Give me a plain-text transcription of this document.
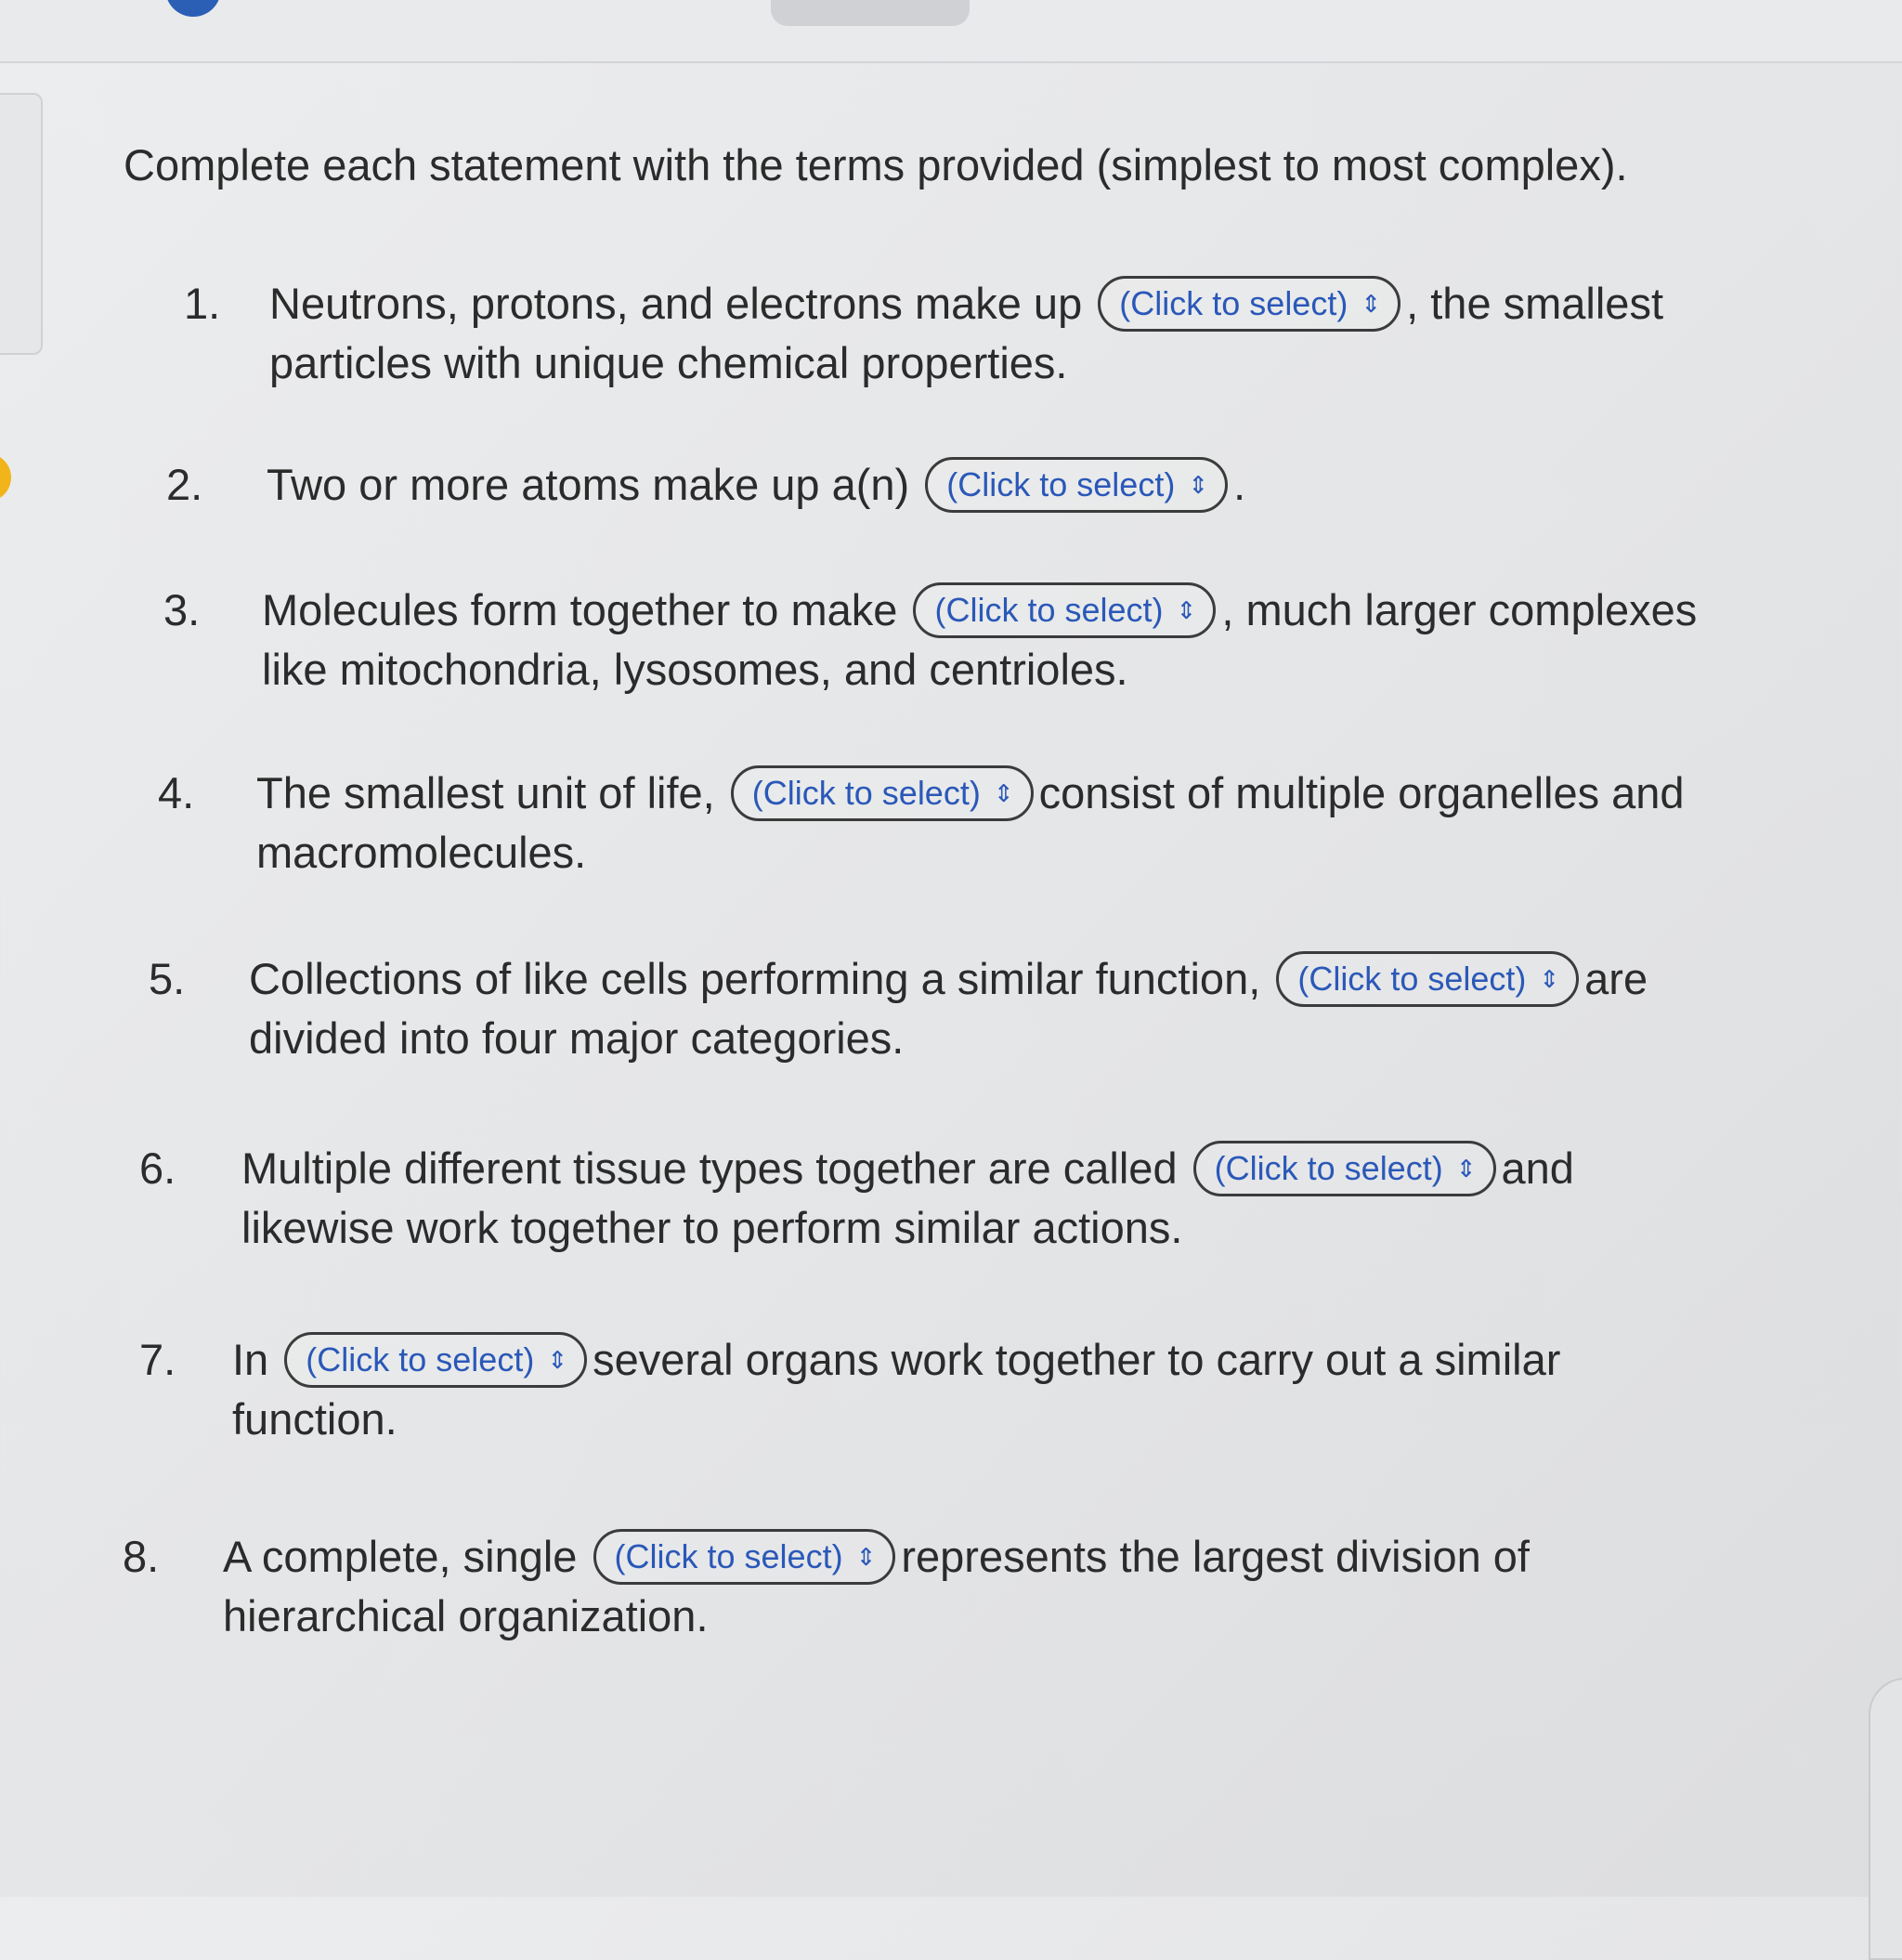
Complete each statement with the terms provided (simplest to most complex).
1. Neutrons, protons, and electrons make up (Click to select) ⇕ , the smallest
particles with unique chemical properties.
2. Two or more atoms make up a(n) (Click to select) ⇕ .
3. Molecules form together to make (Click to select) ⇕ , much larger complexes
like mitochondria, lysosomes, and centrioles.
4. The smallest unit of life, (Click to select) ⇕ consist of multiple organelles and
macromolecules.
5. Collections of like cells performing a similar function, (Click to select) ⇕ are
divided into four major categories.
6. Multiple different tissue types together are called (Click to select) ⇕ and
likewise work together to perform similar actions.
7. In (Click to select) ⇕ several organs work together to carry out a similar
function.
8. A complete, single (Click to select) ⇕ represents the largest division of
hierarchical organization.
